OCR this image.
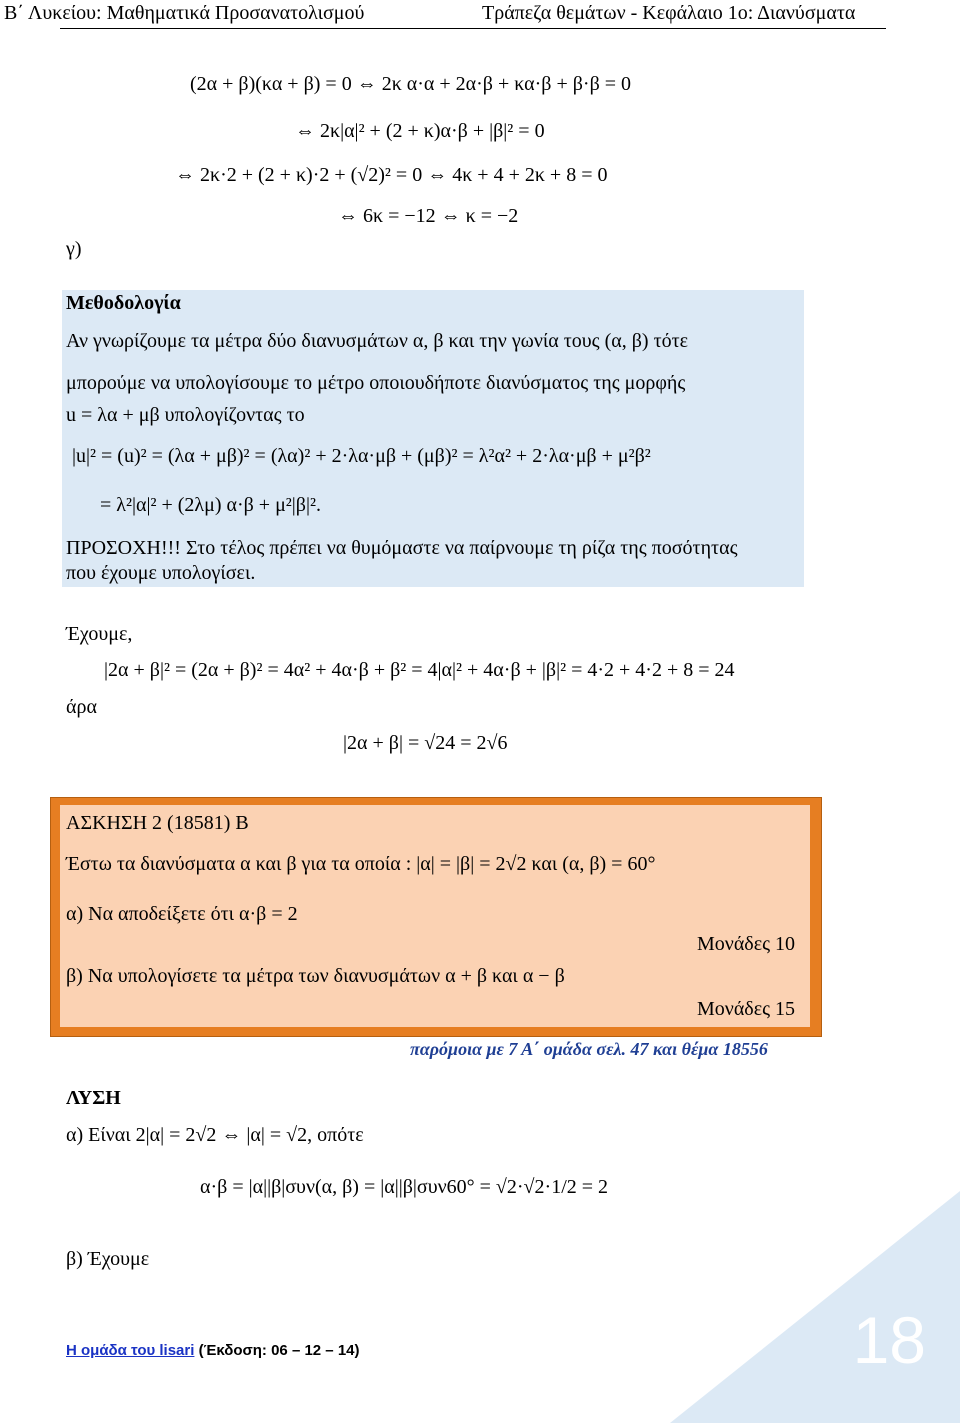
Β΄ Λυκείου: Μαθηματικά Προσανατολισμού	Τράπεζα θεμάτων - Κεφάλαιο 1ο: Διανύσματα
(2α + β)(κα + β) = 0 ⇔ 2κ α·α + 2α·β + κα·β + β·β = 0
⇔ 2κ|α|² + (2 + κ)α·β + |β|² = 0
⇔ 2κ·2 + (2 + κ)·2 + (√2)² = 0 ⇔ 4κ + 4 + 2κ + 8 = 0
⇔ 6κ = −12 ⇔ κ = −2
γ)
Μεθοδολογία
Αν γνωρίζουμε τα μέτρα δύο διανυσμάτων α, β και την γωνία τους (α, β) τότε
μπορούμε να υπολογίσουμε το μέτρο οποιουδήποτε διανύσματος της μορφής
u = λα + μβ υπολογίζοντας το
|u|² = (u)² = (λα + μβ)² = (λα)² + 2·λα·μβ + (μβ)² = λ²α² + 2·λα·μβ + μ²β²
= λ²|α|² + (2λμ) α·β + μ²|β|².
ΠΡΟΣΟΧΗ!!! Στο τέλος πρέπει να θυμόμαστε να παίρνουμε τη ρίζα της ποσότητας
που έχουμε υπολογίσει.
Έχουμε,
|2α + β|² = (2α + β)² = 4α² + 4α·β + β² = 4|α|² + 4α·β + |β|² = 4·2 + 4·2 + 8 = 24
άρα
|2α + β| = √24 = 2√6
ΑΣΚΗΣΗ 2 (18581) Β
Έστω τα διανύσματα α και β για τα οποία : |α| = |β| = 2√2 και (α, β) = 60°
α) Να αποδείξετε ότι α·β = 2
Μονάδες 10
β) Να υπολογίσετε τα μέτρα των διανυσμάτων α + β και α − β
Μονάδες 15
παρόμοια με 7 Α΄ ομάδα σελ. 47 και θέμα 18556
ΛΥΣΗ
α) Είναι 2|α| = 2√2 ⇔ |α| = √2, οπότε
α·β = |α||β|συν(α, β) = |α||β|συν60° = √2·√2·1/2 = 2
β) Έχουμε
Η ομάδα του lisari (Έκδοση: 06 – 12 – 14)	18
